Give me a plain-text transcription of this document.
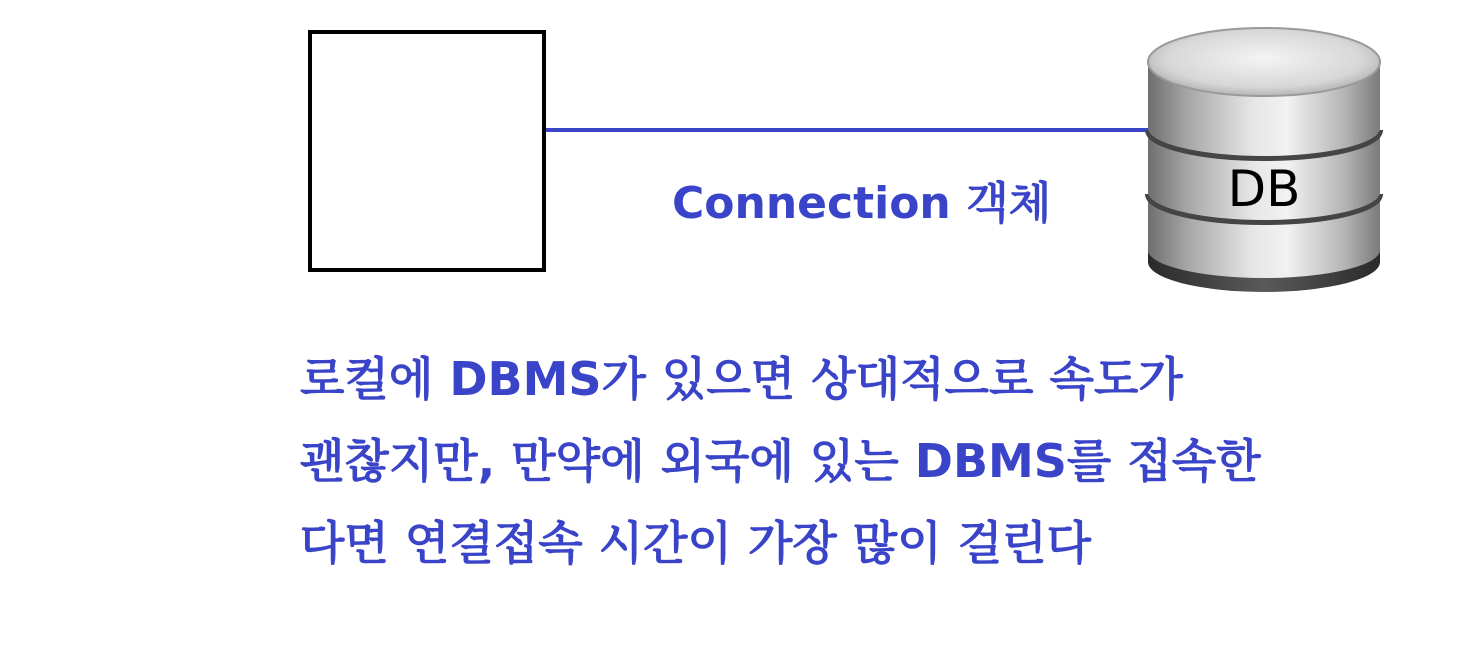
Connection 객체	DB
로컬에 DBMS가 있으면 상대적으로 속도가
괜찮지만, 만약에 외국에 있는 DBMS를 접속한
다면 연결접속 시간이 가장 많이 걸린다
